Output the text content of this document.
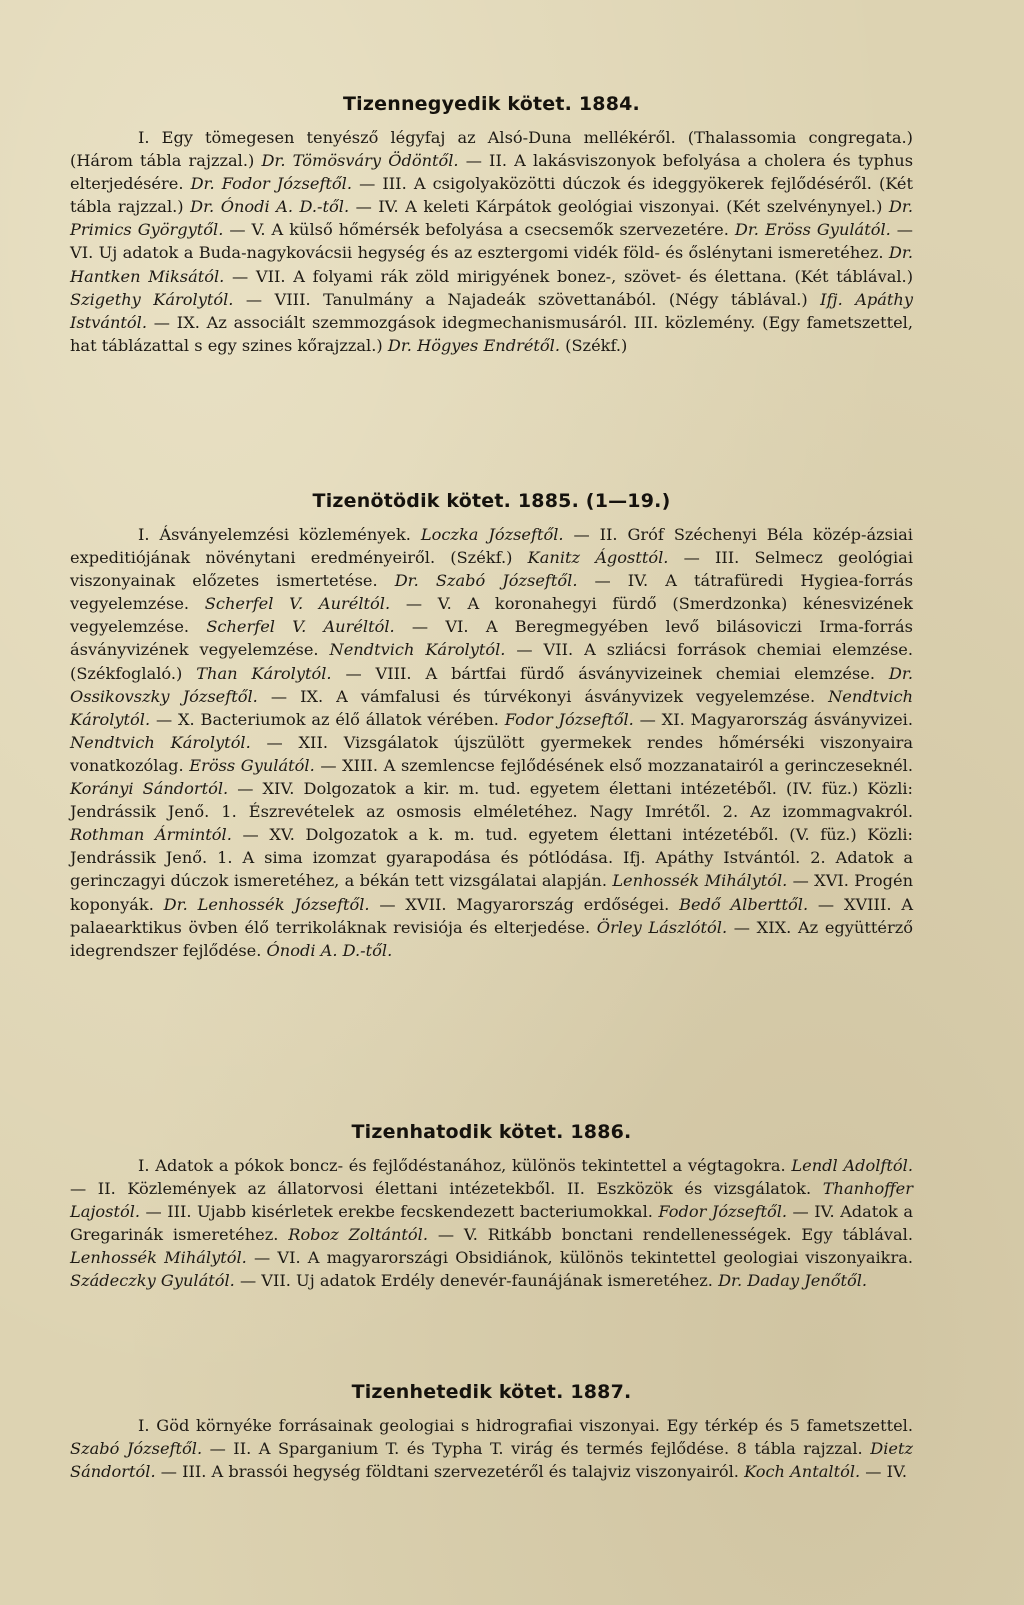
Tizennegyedik kötet. 1884.

I. Egy tömegesen tenyésző légyfaj az Alsó-Duna mellékéről. (Thalassomia congregata.) (Három tábla rajzzal.) Dr. Tömösváry Ödöntől. — II. A lakásviszonyok befolyása a cholera és typhus elterjedésére. Dr. Fodor Józseftől. — III. A csigolyaközötti dúczok és ideggyökerek fejlődéséről. (Két tábla rajzzal.) Dr. Ónodi A. D.-től. — IV. A keleti Kárpátok geológiai viszonyai. (Két szelvénynyel.) Dr. Primics Györgytől. — V. A külső hőmérsék befolyása a csecsemők szervezetére. Dr. Eröss Gyulától. — VI. Uj adatok a Buda-nagykovácsii hegység és az esztergomi vidék föld- és őslénytani ismeretéhez. Dr. Hantken Miksától. — VII. A folyami rák zöld mirigyének bonez-, szövet- és élettana. (Két táblával.) Szigethy Károlytól. — VIII. Tanulmány a Najadeák szövettanából. (Négy táblával.) Ifj. Apáthy Istvántól. — IX. Az associált szemmozgások idegmechanismusáról. III. közlemény. (Egy fametszettel, hat táblázattal s egy szines kőrajzzal.) Dr. Högyes Endrétől. (Székf.)

Tizenötödik kötet. 1885. (1—19.)

I. Ásványelemzési közlemények. Loczka Józseftől. — II. Gróf Széchenyi Béla közép-ázsiai expeditiójának növénytani eredményeiről. (Székf.) Kanitz Ágosttól. — III. Selmecz geológiai viszonyainak előzetes ismertetése. Dr. Szabó Józseftől. — IV. A tátrafüredi Hygiea-forrás vegyelemzése. Scherfel V. Auréltól. — V. A koronahegyi fürdő (Smerdzonka) kénesvizének vegyelemzése. Scherfel V. Auréltól. — VI. A Beregmegyében levő bilásoviczi Irma-forrás ásványvizének vegyelemzése. Nendtvich Károlytól. — VII. A szliácsi források chemiai elemzése. (Székfoglaló.) Than Károlytól. — VIII. A bártfai fürdő ásványvizeinek chemiai elemzése. Dr. Ossikovszky Józseftől. — IX. A vámfalusi és túrvékonyi ásványvizek vegyelemzése. Nendtvich Károlytól. — X. Bacteriumok az élő állatok vérében. Fodor Józseftől. — XI. Magyarország ásványvizei. Nendtvich Károlytól. — XII. Vizsgálatok újszülött gyermekek rendes hőmérséki viszonyaira vonatkozólag. Eröss Gyulától. — XIII. A szemlencse fejlődésének első mozzanatairól a gerinczeseknél. Korányi Sándortól. — XIV. Dolgozatok a kir. m. tud. egyetem élettani intézetéből. (IV. füz.) Közli: Jendrássik Jenő. 1. Észrevételek az osmosis elméletéhez. Nagy Imrétől. 2. Az izommagvakról. Rothman Ármintól. — XV. Dolgozatok a k. m. tud. egyetem élettani intézetéből. (V. füz.) Közli: Jendrássik Jenő. 1. A sima izomzat gyarapodása és pótlódása. Ifj. Apáthy Istvántól. 2. Adatok a gerinczagyi dúczok ismeretéhez, a békán tett vizsgálatai alapján. Lenhossék Mihálytól. — XVI. Progén koponyák. Dr. Lenhossék Józseftől. — XVII. Magyarország erdőségei. Bedő Alberttől. — XVIII. A palaearktikus övben élő terrikoláknak revisiója és elterjedése. Örley Lászlótól. — XIX. Az együttérző idegrendszer fejlődése. Ónodi A. D.-től.

Tizenhatodik kötet. 1886.

I. Adatok a pókok boncz- és fejlődéstanához, különös tekintettel a végtagokra. Lendl Adolftól. — II. Közlemények az állatorvosi élettani intézetekből. II. Eszközök és vizsgálatok. Thanhoffer Lajostól. — III. Ujabb kisérletek erekbe fecskendezett bacteriumokkal. Fodor Józseftől. — IV. Adatok a Gregarinák ismeretéhez. Roboz Zoltántól. — V. Ritkább bonctani rendellenességek. Egy táblával. Lenhossék Mihálytól. — VI. A magyarországi Obsidiánok, különös tekintettel geologiai viszonyaikra. Szádeczky Gyulától. — VII. Uj adatok Erdély denevér-faunájának ismeretéhez. Dr. Daday Jenőtől.

Tizenhetedik kötet. 1887.

I. Göd környéke forrásainak geologiai s hidrografiai viszonyai. Egy térkép és 5 fametszettel. Szabó Józseftől. — II. A Sparganium T. és Typha T. virág és termés fejlődése. 8 tábla rajzzal. Dietz Sándortól. — III. A brassói hegység földtani szervezetéről és talajviz viszonyairól. Koch Antaltól. — IV.
